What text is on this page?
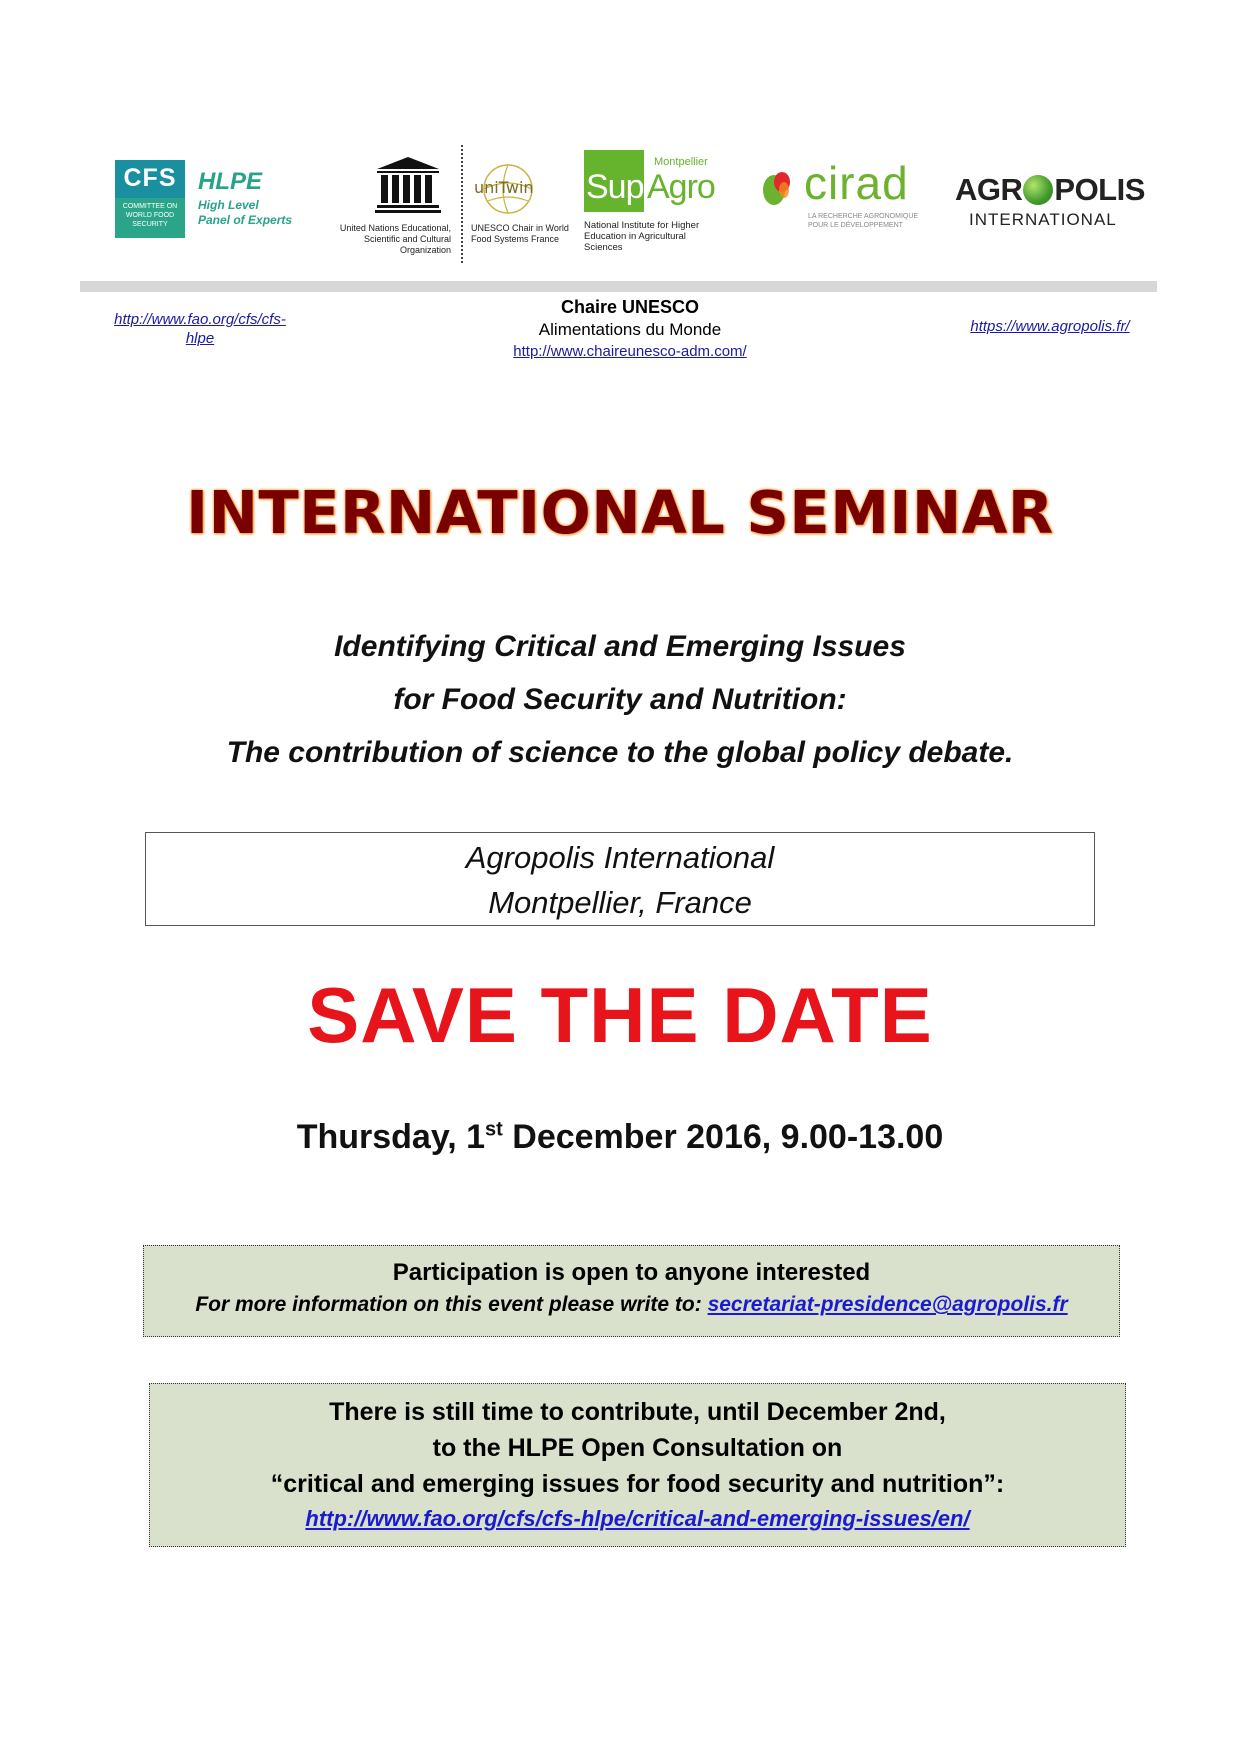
CFS
COMMITTEE ON WORLD FOOD SECURITY
HLPE
High Level
Panel of Experts
United Nations Educational, Scientific and Cultural Organization
uniTwin
UNESCO Chair in World Food Systems France
Sup Agro
Montpellier
National Institute for Higher Education in Agricultural Sciences
cirad
LA RECHERCHE AGRONOMIQUE POUR LE DÉVELOPPEMENT
AGR POLIS
INTERNATIONAL
http://www.fao.org/cfs/cfs-hlpe
Chaire UNESCO
Alimentations du Monde
http://www.chaireunesco-adm.com/
https://www.agropolis.fr/
INTERNATIONAL SEMINAR
Identifying Critical and Emerging Issues
for Food Security and Nutrition:
The contribution of science to the global policy debate.
Agropolis International
Montpellier, France
SAVE THE DATE
Thursday, 1st December 2016, 9.00-13.00
Participation is open to anyone interested
For more information on this event please write to: secretariat-presidence@agropolis.fr
There is still time to contribute, until December 2nd,
to the HLPE Open Consultation on
“critical and emerging issues for food security and nutrition”:
http://www.fao.org/cfs/cfs-hlpe/critical-and-emerging-issues/en/
